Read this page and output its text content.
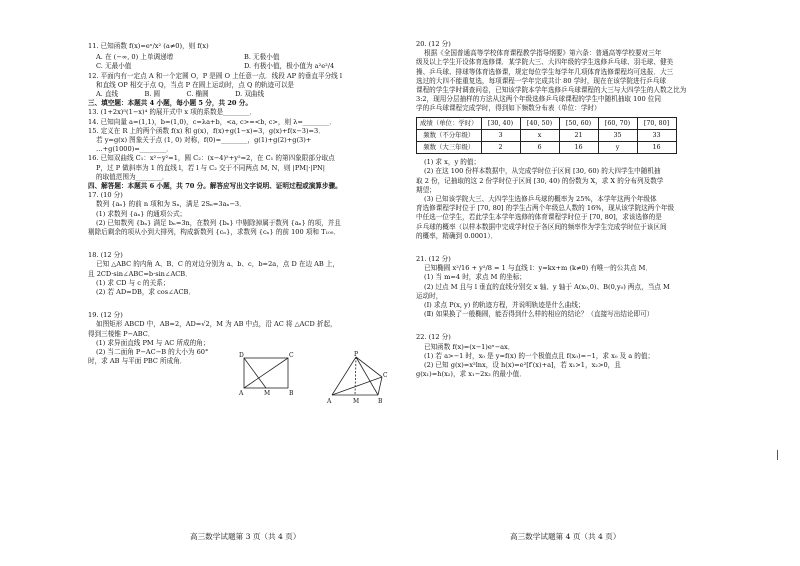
11. 已知函数 f(x)=eˣ/x² (a≠0)，则 f(x)
A. 在 (−∞, 0) 上单调递增	B. 无极小值
C. 无最小值	D. 有极小值，极小值为 a²e²/4
12. 平面内有一定点 A 和一个定圆 O，P 是圆 O 上任意一点．线段 AP 的垂直平分线 l
和直线 OP 相交于点 Q，当点 P 在圆上运动时，点 Q 的轨迹可以是
A. 直线　　　　B. 圆　　　　C. 椭圆　　　　D. 双曲线
三、填空题：本题共 4 小题，每小题 5 分，共 20 分。
13. (1+2x)⁵(1−x)⁴ 的展开式中 x 项的系数是________．
14. 已知向量 a=(1,1)，b=(1,0)，c=λa+b，<a, c>=<b, c>，则 λ=________．
15. 定义在 R 上的两个函数 f(x) 和 g(x)，f(x)+g(1−x)=3，g(x)+f(x−3)=3．
若 y=g(x) 图象关于点 (1, 0) 对称，f(0)=________，g(1)+g(2)+g(3)+
…+g(1000)=________．
16. 已知双曲线 C₁：x²−y²=1，圆 C₂：(x−4)²+y²=2，在 C₁ 的第四象限部分取点
P，过 P 做斜率为 1 的直线 l，若 l 与 C₂ 交于不同两点 M, N，则 |PM|·|PN|
的取值范围为________．
四、解答题：本题共 6 小题，共 70 分。解答应写出文字说明、证明过程或演算步骤。
17. (10 分)
数列 {aₙ} 的前 n 项和为 Sₙ，满足 2Sₙ=3aₙ−3．
(1) 求数列 {aₙ} 的通项公式；
(2) 已知数列 {bₙ} 满足 bₙ=3n，在数列 {bₙ} 中剔除掉属于数列 {aₙ} 的项，并且
剔除后剩余的项从小到大排列，构成新数列 {cₙ}，求数列 {cₙ} 的前 100 项和 T₁₀₀．
18. (12 分)
已知 △ABC 的内角 A、B、C 的对边分别为 a、b、c，b=2a，点 D 在边 AB 上，
且 2CD·sin∠ABC=b·sin∠ACB．
(1) 求 CD 与 c 的关系；
(2) 若 AD=DB，求 cos∠ACB．
19. (12 分)
如图矩形 ABCD 中，AB=2，AD=√2，M 为 AB 中点，沿 AC 将 △ACD 折起，
得到三棱锥 P−ABC．
(1) 求异面直线 PM 与 AC 所成的角；
(2) 当二面角 P−AC−B 的大小为 60°
时，求 AB 与平面 PBC 所成角．
D	C
A	M	B
P
C
A	M	B
高三数学试题第 3 页（共 4 页）
20. (12 分)
根据《全国普通高等学校体育课程教学指导纲要》第六条：普通高等学校要对三年
级及以上学生开设体育选修课．某学院大三、大四年级的学生选修乒乓球、羽毛球、健美
操、乒乓球、排球等体育选修课，规定每位学生每学年几项体育选修课程均可选报．大三
选过的大四不能重复选，每项课程一学年完成共计 80 学时，现在在该学院进行乒乓球
课程的学生学时调查问卷，已知该学院本学年选修乒乓球课程的大三与大四学生的人数之比为
3:2，现用分层抽样的方法从这两个年级选修乒乓球课程的学生中随机抽取 100 位同
学的乒乓球课程完成学时，得到如下频数分布表（单位：学时）
成绩（单位：学时）	[30, 40)	[40, 50)	[50, 60)	[60, 70)	[70, 80]
频数（不分年级）	3	x	21	35	33
频数（大三年级）	2	6	16	y	16
(1) 求 x，y 的值；
(2) 在这 100 份样本数据中，从完成学时位于区间 [30, 60) 的大四学生中随机抽
取 2 份，记抽取的这 2 份学时位于区间 [30, 40) 的份数为 X，求 X 的分布列及数学
期望；
(3) 已知该学院大三、大四学生选修乒乓球的概率为 25%，本学年这两个年级体
育选修课程学时位于 [70, 80] 的学生占两个年级总人数的 16%，现从该学院这两个年级
中任选一位学生，若此学生本学年选修的体育课程学时位于 [70, 80]，求该选修的是
乒乓球的概率（以样本数据中完成学时位于各区间的频率作为学生完成学时位于该区间
的概率，精确到 0.0001）．
21. (12 分)
已知椭圆 x²/16 + y²/8 = 1 与直线 l：y=kx+m (k≠0) 有唯一的公共点 M．
(1) 当 m=4 时，求点 M 的坐标；
(2) 过点 M 且与 l 垂直的直线分别交 x 轴、y 轴于 A(x₀,0)、B(0,y₀) 两点，当点 M
运动时，
(Ⅰ) 求点 P(x, y) 的轨迹方程，并说明轨迹是什么曲线；
(Ⅱ) 如果换了一般椭圆，能否得到什么样的相应的结论？（直接写出结论即可）
22. (12 分)
已知函数 f(x)=(x−1)eˣ−ax．
(1) 若 a>−1 时，x₀ 是 y=f(x) 的一个极值点且 f(x₀)=−1，求 x₀ 及 a 的值；
(2) 已知 g(x)=x²lnx，设 h(x)=e²[f′(x)+a]，若 x₁>1，x₂>0，且
g(x₁)=h(x₂)，求 x₁−2x₂ 的最小值．
高三数学试题第 4 页（共 4 页）
